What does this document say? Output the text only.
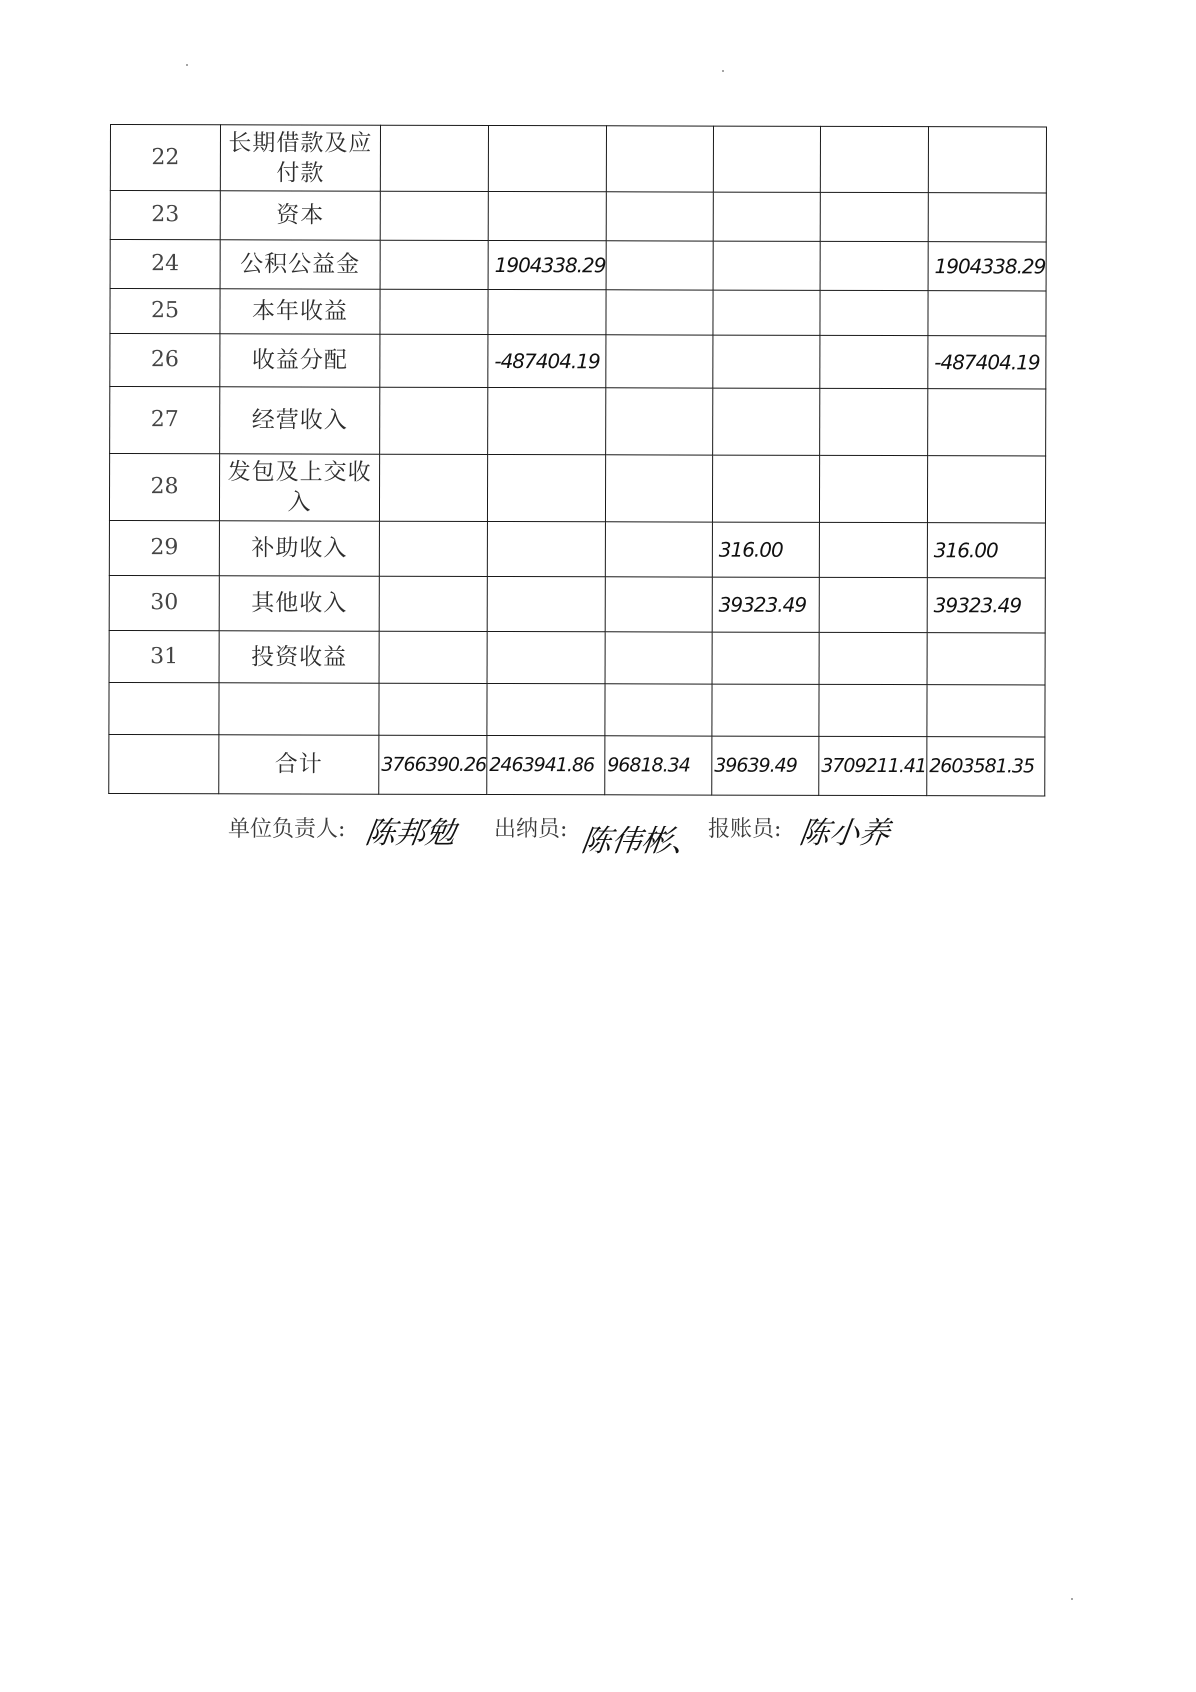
22	长期借款及应付款						
23	资本						
24	公积公益金		1904338.29				1904338.29
25	本年收益						
26	收益分配		-487404.19				-487404.19
27	经营收入						
28	发包及上交收入						
29	补助收入				316.00		316.00
30	其他收入				39323.49		39323.49
31	投资收益						

	合计	3766390.26	2463941.86	96818.34	39639.49	3709211.41	2603581.35
单位负责人: 陈邦勉 出纳员: 陈伟彬、 报账员: 陈小养
